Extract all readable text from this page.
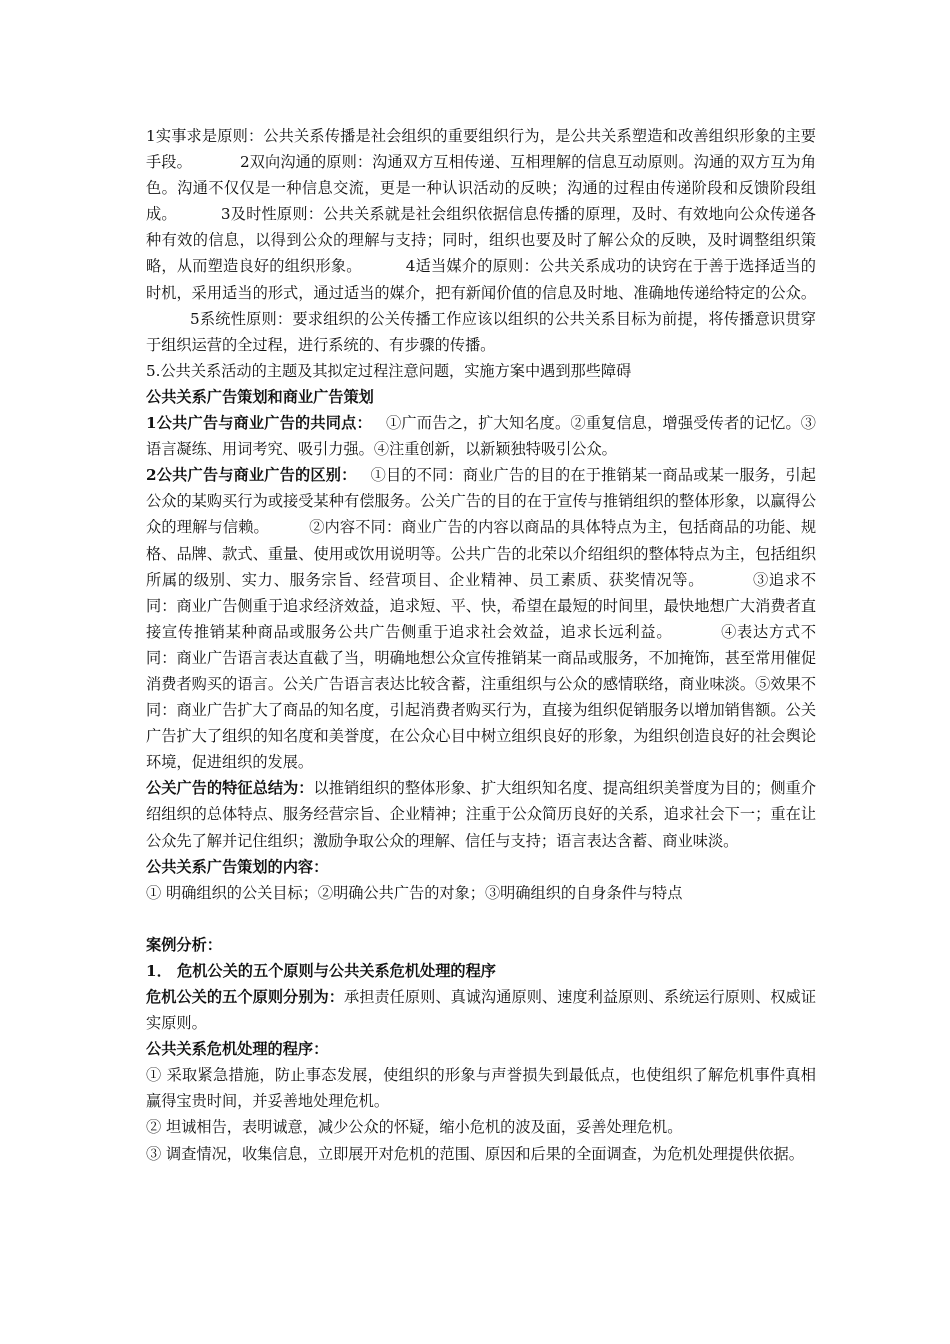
1实事求是原则：公共关系传播是社会组织的重要组织行为，是公共关系塑造和改善组织形象的主要手段。	2双向沟通的原则：沟通双方互相传递、互相理解的信息互动原则。沟通的双方互为角色。沟通不仅仅是一种信息交流，更是一种认识活动的反映；沟通的过程由传递阶段和反馈阶段组成。	3及时性原则：公共关系就是社会组织依据信息传播的原理，及时、有效地向公众传递各种有效的信息，以得到公众的理解与支持；同时，组织也要及时了解公众的反映，及时调整组织策略，从而塑造良好的组织形象。	4适当媒介的原则：公共关系成功的诀窍在于善于选择适当的时机，采用适当的形式，通过适当的媒介，把有新闻价值的信息及时地、准确地传递给特定的公众。5系统性原则：要求组织的公关传播工作应该以组织的公共关系目标为前提，将传播意识贯穿于组织运营的全过程，进行系统的、有步骤的传播。

5.公共关系活动的主题及其拟定过程注意问题，实施方案中遇到那些障碍

公共关系广告策划和商业广告策划

1公共广告与商业广告的共同点： ①广而告之，扩大知名度。②重复信息，增强受传者的记忆。③语言凝练、用词考究、吸引力强。④注重创新，以新颖独特吸引公众。

2公共广告与商业广告的区别： ①目的不同：商业广告的目的在于推销某一商品或某一服务，引起公众的某购买行为或接受某种有偿服务。公关广告的目的在于宣传与推销组织的整体形象，以赢得公众的理解与信赖。	②内容不同：商业广告的内容以商品的具体特点为主，包括商品的功能、规格、品牌、款式、重量、使用或饮用说明等。公共广告的北荣以介绍组织的整体特点为主，包括组织所属的级别、实力、服务宗旨、经营项目、企业精神、员工素质、获奖情况等。	③追求不同：商业广告侧重于追求经济效益，追求短、平、快，希望在最短的时间里，最快地想广大消费者直接宣传推销某种商品或服务公共广告侧重于追求社会效益，追求长远利益。	④表达方式不同：商业广告语言表达直截了当，明确地想公众宣传推销某一商品或服务，不加掩饰，甚至常用催促消费者购买的语言。公关广告语言表达比较含蓄，注重组织与公众的感情联络，商业味淡。⑤效果不同：商业广告扩大了商品的知名度，引起消费者购买行为，直接为组织促销服务以增加销售额。公关广告扩大了组织的知名度和美誉度，在公众心目中树立组织良好的形象，为组织创造良好的社会舆论环境，促进组织的发展。

公关广告的特征总结为：以推销组织的整体形象、扩大组织知名度、提高组织美誉度为目的；侧重介绍组织的总体特点、服务经营宗旨、企业精神；注重于公众简历良好的关系，追求社会下一；重在让公众先了解并记住组织；激励争取公众的理解、信任与支持；语言表达含蓄、商业味淡。

公共关系广告策划的内容：

① 明确组织的公关目标；②明确公共广告的对象；③明确组织的自身条件与特点

案例分析：

1． 危机公关的五个原则与公共关系危机处理的程序

危机公关的五个原则分别为：承担责任原则、真诚沟通原则、速度利益原则、系统运行原则、权威证实原则。

公共关系危机处理的程序：

① 采取紧急措施，防止事态发展，使组织的形象与声誉损失到最低点，也使组织了解危机事件真相赢得宝贵时间，并妥善地处理危机。

② 坦诚相告，表明诚意，减少公众的怀疑，缩小危机的波及面，妥善处理危机。

③ 调查情况，收集信息，立即展开对危机的范围、原因和后果的全面调查，为危机处理提供依据。
